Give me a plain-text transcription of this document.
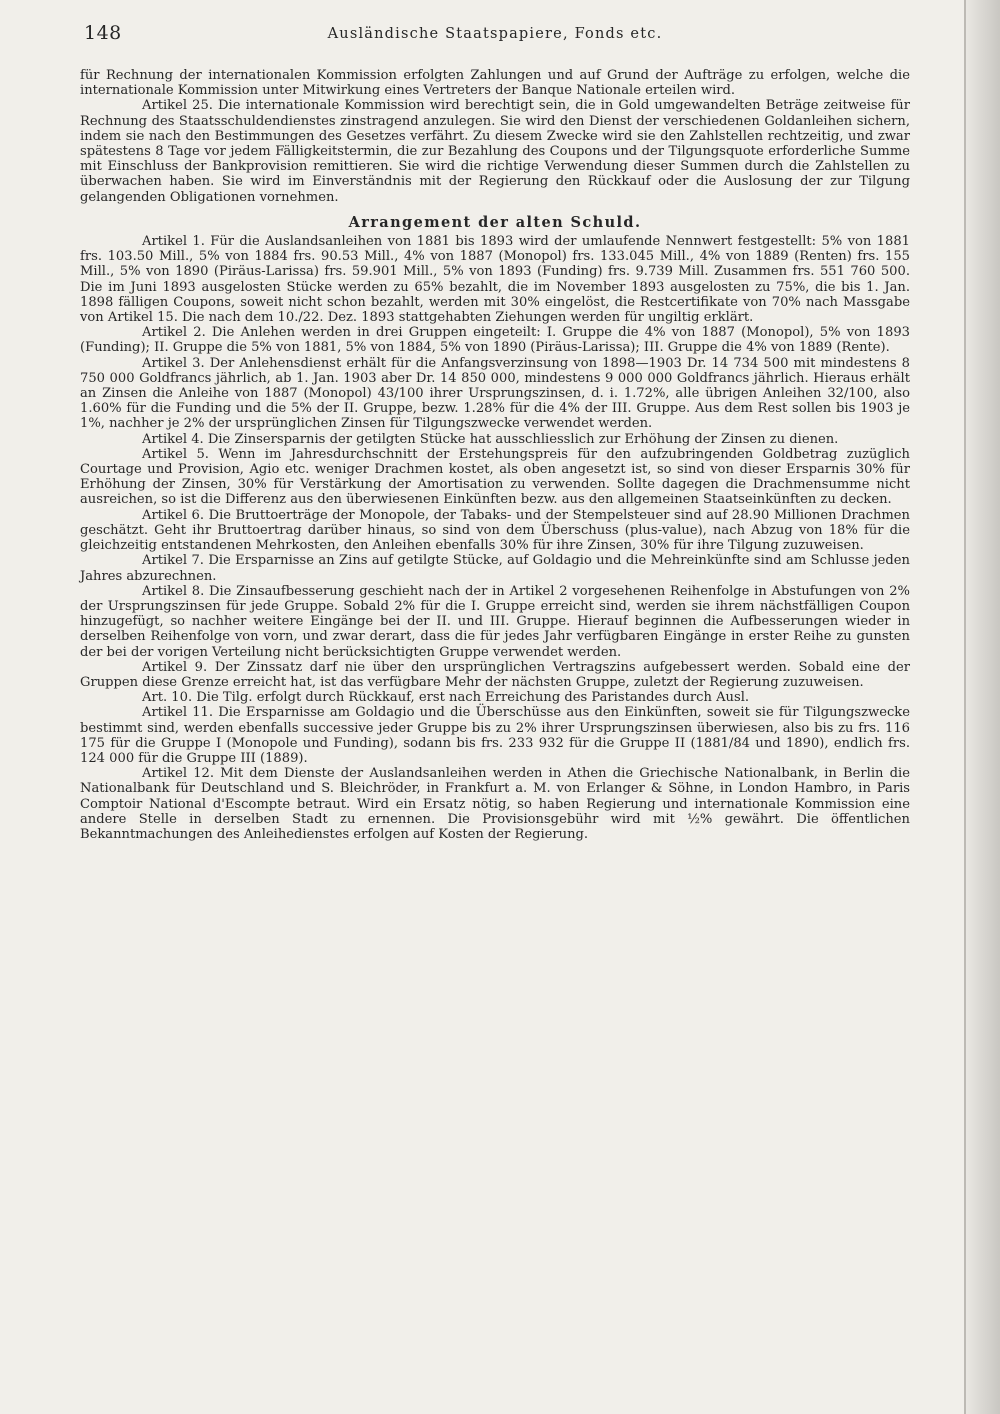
148	Ausländische Staatspapiere, Fonds etc.

für Rechnung der internationalen Kommission erfolgten Zahlungen und auf Grund der Aufträge zu erfolgen, welche die internationale Kommission unter Mitwirkung eines Vertreters der Banque Nationale erteilen wird.

Artikel 25. Die internationale Kommission wird berechtigt sein, die in Gold umgewandelten Beträge zeitweise für Rechnung des Staatsschuldendienstes zinstragend anzulegen. Sie wird den Dienst der verschiedenen Goldanleihen sichern, indem sie nach den Bestimmungen des Gesetzes verfährt. Zu diesem Zwecke wird sie den Zahlstellen rechtzeitig, und zwar spätestens 8 Tage vor jedem Fälligkeitstermin, die zur Bezahlung des Coupons und der Tilgungsquote erforderliche Summe mit Einschluss der Bankprovision remittieren. Sie wird die richtige Verwendung dieser Summen durch die Zahlstellen zu überwachen haben. Sie wird im Einverständnis mit der Regierung den Rückkauf oder die Auslosung der zur Tilgung gelangenden Obligationen vornehmen.

Arrangement der alten Schuld.

Artikel 1. Für die Auslandsanleihen von 1881 bis 1893 wird der umlaufende Nennwert festgestellt: 5% von 1881 frs. 103.50 Mill., 5% von 1884 frs. 90.53 Mill., 4% von 1887 (Monopol) frs. 133.045 Mill., 4% von 1889 (Renten) frs. 155 Mill., 5% von 1890 (Piräus-Larissa) frs. 59.901 Mill., 5% von 1893 (Funding) frs. 9.739 Mill. Zusammen frs. 551 760 500. Die im Juni 1893 ausgelosten Stücke werden zu 65% bezahlt, die im November 1893 ausgelosten zu 75%, die bis 1. Jan. 1898 fälligen Coupons, soweit nicht schon bezahlt, werden mit 30% eingelöst, die Restcertifikate von 70% nach Massgabe von Artikel 15. Die nach dem 10./22. Dez. 1893 stattgehabten Ziehungen werden für ungiltig erklärt.

Artikel 2. Die Anlehen werden in drei Gruppen eingeteilt: I. Gruppe die 4% von 1887 (Monopol), 5% von 1893 (Funding); II. Gruppe die 5% von 1881, 5% von 1884, 5% von 1890 (Piräus-Larissa); III. Gruppe die 4% von 1889 (Rente).

Artikel 3. Der Anlehensdienst erhält für die Anfangsverzinsung von 1898—1903 Dr. 14 734 500 mit mindestens 8 750 000 Goldfrancs jährlich, ab 1. Jan. 1903 aber Dr. 14 850 000, mindestens 9 000 000 Goldfrancs jährlich. Hieraus erhält an Zinsen die Anleihe von 1887 (Monopol) 43/100 ihrer Ursprungszinsen, d. i. 1.72%, alle übrigen Anleihen 32/100, also 1.60% für die Funding und die 5% der II. Gruppe, bezw. 1.28% für die 4% der III. Gruppe. Aus dem Rest sollen bis 1903 je 1%, nachher je 2% der ursprünglichen Zinsen für Tilgungszwecke verwendet werden.

Artikel 4. Die Zinsersparnis der getilgten Stücke hat ausschliesslich zur Erhöhung der Zinsen zu dienen.

Artikel 5. Wenn im Jahresdurchschnitt der Erstehungspreis für den aufzubringenden Goldbetrag zuzüglich Courtage und Provision, Agio etc. weniger Drachmen kostet, als oben angesetzt ist, so sind von dieser Ersparnis 30% für Erhöhung der Zinsen, 30% für Verstärkung der Amortisation zu verwenden. Sollte dagegen die Drachmensumme nicht ausreichen, so ist die Differenz aus den überwiesenen Einkünften bezw. aus den allgemeinen Staatseinkünften zu decken.

Artikel 6. Die Bruttoerträge der Monopole, der Tabaks- und der Stempelsteuer sind auf 28.90 Millionen Drachmen geschätzt. Geht ihr Bruttoertrag darüber hinaus, so sind von dem Überschuss (plus-value), nach Abzug von 18% für die gleichzeitig entstandenen Mehrkosten, den Anleihen ebenfalls 30% für ihre Zinsen, 30% für ihre Tilgung zuzuweisen.

Artikel 7. Die Ersparnisse an Zins auf getilgte Stücke, auf Goldagio und die Mehreinkünfte sind am Schlusse jeden Jahres abzurechnen.

Artikel 8. Die Zinsaufbesserung geschieht nach der in Artikel 2 vorgesehenen Reihenfolge in Abstufungen von 2% der Ursprungszinsen für jede Gruppe. Sobald 2% für die I. Gruppe erreicht sind, werden sie ihrem nächstfälligen Coupon hinzugefügt, so nachher weitere Eingänge bei der II. und III. Gruppe. Hierauf beginnen die Aufbesserungen wieder in derselben Reihenfolge von vorn, und zwar derart, dass die für jedes Jahr verfügbaren Eingänge in erster Reihe zu gunsten der bei der vorigen Verteilung nicht berücksichtigten Gruppe verwendet werden.

Artikel 9. Der Zinssatz darf nie über den ursprünglichen Vertragszins aufgebessert werden. Sobald eine der Gruppen diese Grenze erreicht hat, ist das verfügbare Mehr der nächsten Gruppe, zuletzt der Regierung zuzuweisen.

Art. 10. Die Tilg. erfolgt durch Rückkauf, erst nach Erreichung des Paristandes durch Ausl.

Artikel 11. Die Ersparnisse am Goldagio und die Überschüsse aus den Einkünften, soweit sie für Tilgungszwecke bestimmt sind, werden ebenfalls successive jeder Gruppe bis zu 2% ihrer Ursprungszinsen überwiesen, also bis zu frs. 116 175 für die Gruppe I (Monopole und Funding), sodann bis frs. 233 932 für die Gruppe II (1881/84 und 1890), endlich frs. 124 000 für die Gruppe III (1889).

Artikel 12. Mit dem Dienste der Auslandsanleihen werden in Athen die Griechische Nationalbank, in Berlin die Nationalbank für Deutschland und S. Bleichröder, in Frankfurt a. M. von Erlanger & Söhne, in London Hambro, in Paris Comptoir National d'Escompte betraut. Wird ein Ersatz nötig, so haben Regierung und internationale Kommission eine andere Stelle in derselben Stadt zu ernennen. Die Provisionsgebühr wird mit ½% gewährt. Die öffentlichen Bekanntmachungen des Anleihedienstes erfolgen auf Kosten der Regierung.
